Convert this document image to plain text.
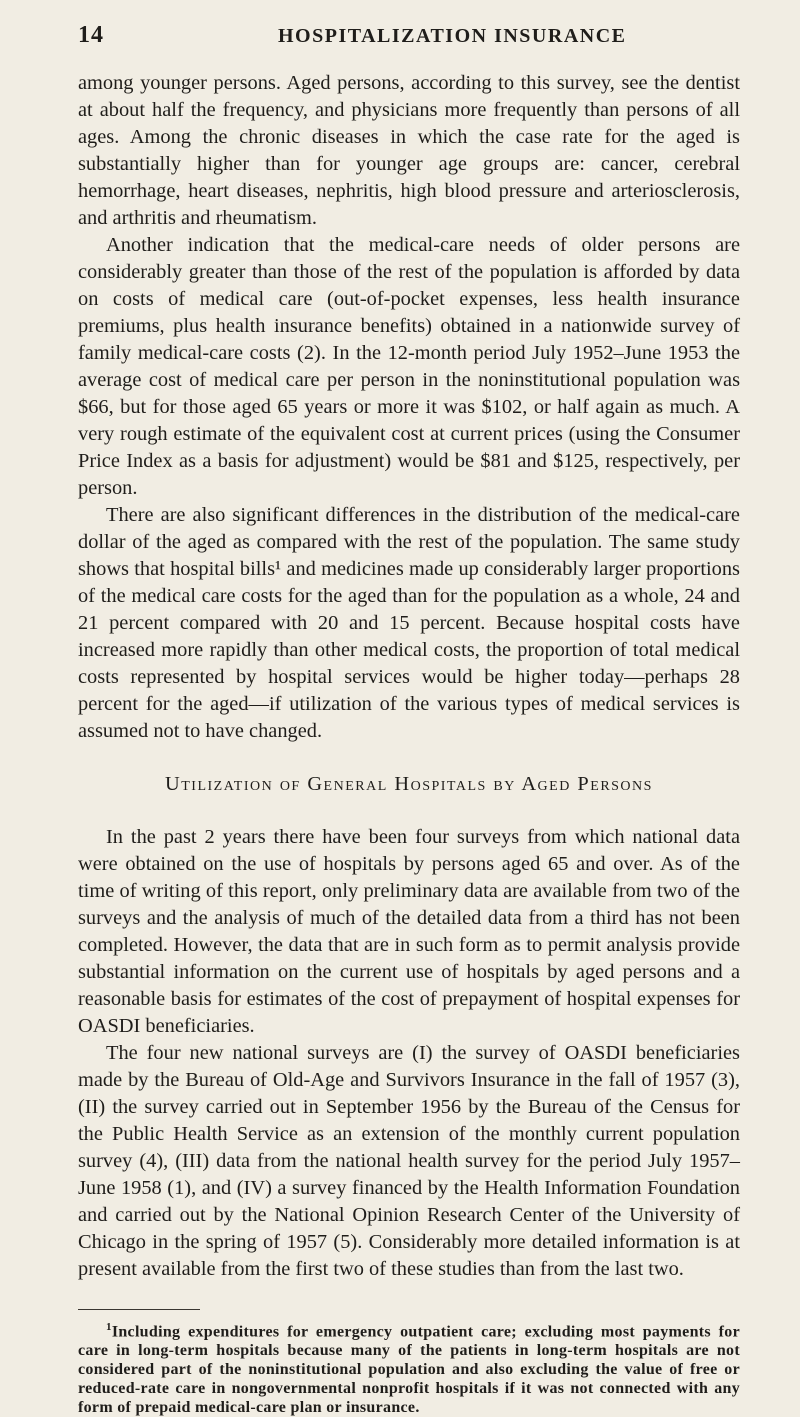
14	HOSPITALIZATION INSURANCE

among younger persons. Aged persons, according to this survey, see the dentist at about half the frequency, and physicians more frequently than persons of all ages. Among the chronic diseases in which the case rate for the aged is substantially higher than for younger age groups are: cancer, cerebral hemorrhage, heart diseases, nephritis, high blood pressure and arteriosclerosis, and arthritis and rheumatism.

Another indication that the medical-care needs of older persons are considerably greater than those of the rest of the population is afforded by data on costs of medical care (out-of-pocket expenses, less health insurance premiums, plus health insurance benefits) obtained in a nationwide survey of family medical-care costs (2). In the 12-month period July 1952–June 1953 the average cost of medical care per person in the noninstitutional population was $66, but for those aged 65 years or more it was $102, or half again as much. A very rough estimate of the equivalent cost at current prices (using the Consumer Price Index as a basis for adjustment) would be $81 and $125, respectively, per person.

There are also significant differences in the distribution of the medical-care dollar of the aged as compared with the rest of the population. The same study shows that hospital bills¹ and medicines made up considerably larger proportions of the medical care costs for the aged than for the population as a whole, 24 and 21 percent compared with 20 and 15 percent. Because hospital costs have increased more rapidly than other medical costs, the proportion of total medical costs represented by hospital services would be higher today—perhaps 28 percent for the aged—if utilization of the various types of medical services is assumed not to have changed.

Utilization of General Hospitals by Aged Persons

In the past 2 years there have been four surveys from which national data were obtained on the use of hospitals by persons aged 65 and over. As of the time of writing of this report, only preliminary data are available from two of the surveys and the analysis of much of the detailed data from a third has not been completed. However, the data that are in such form as to permit analysis provide substantial information on the current use of hospitals by aged persons and a reasonable basis for estimates of the cost of prepayment of hospital expenses for OASDI beneficiaries.

The four new national surveys are (I) the survey of OASDI beneficiaries made by the Bureau of Old-Age and Survivors Insurance in the fall of 1957 (3), (II) the survey carried out in September 1956 by the Bureau of the Census for the Public Health Service as an extension of the monthly current population survey (4), (III) data from the national health survey for the period July 1957–June 1958 (1), and (IV) a survey financed by the Health Information Foundation and carried out by the National Opinion Research Center of the University of Chicago in the spring of 1957 (5). Considerably more detailed information is at present available from the first two of these studies than from the last two.

$^1$Including expenditures for emergency outpatient care; excluding most payments for care in long-term hospitals because many of the patients in long-term hospitals are not considered part of the noninstitutional population and also excluding the value of free or reduced-rate care in nongovernmental nonprofit hospitals if it was not connected with any form of prepaid medical-care plan or insurance.
